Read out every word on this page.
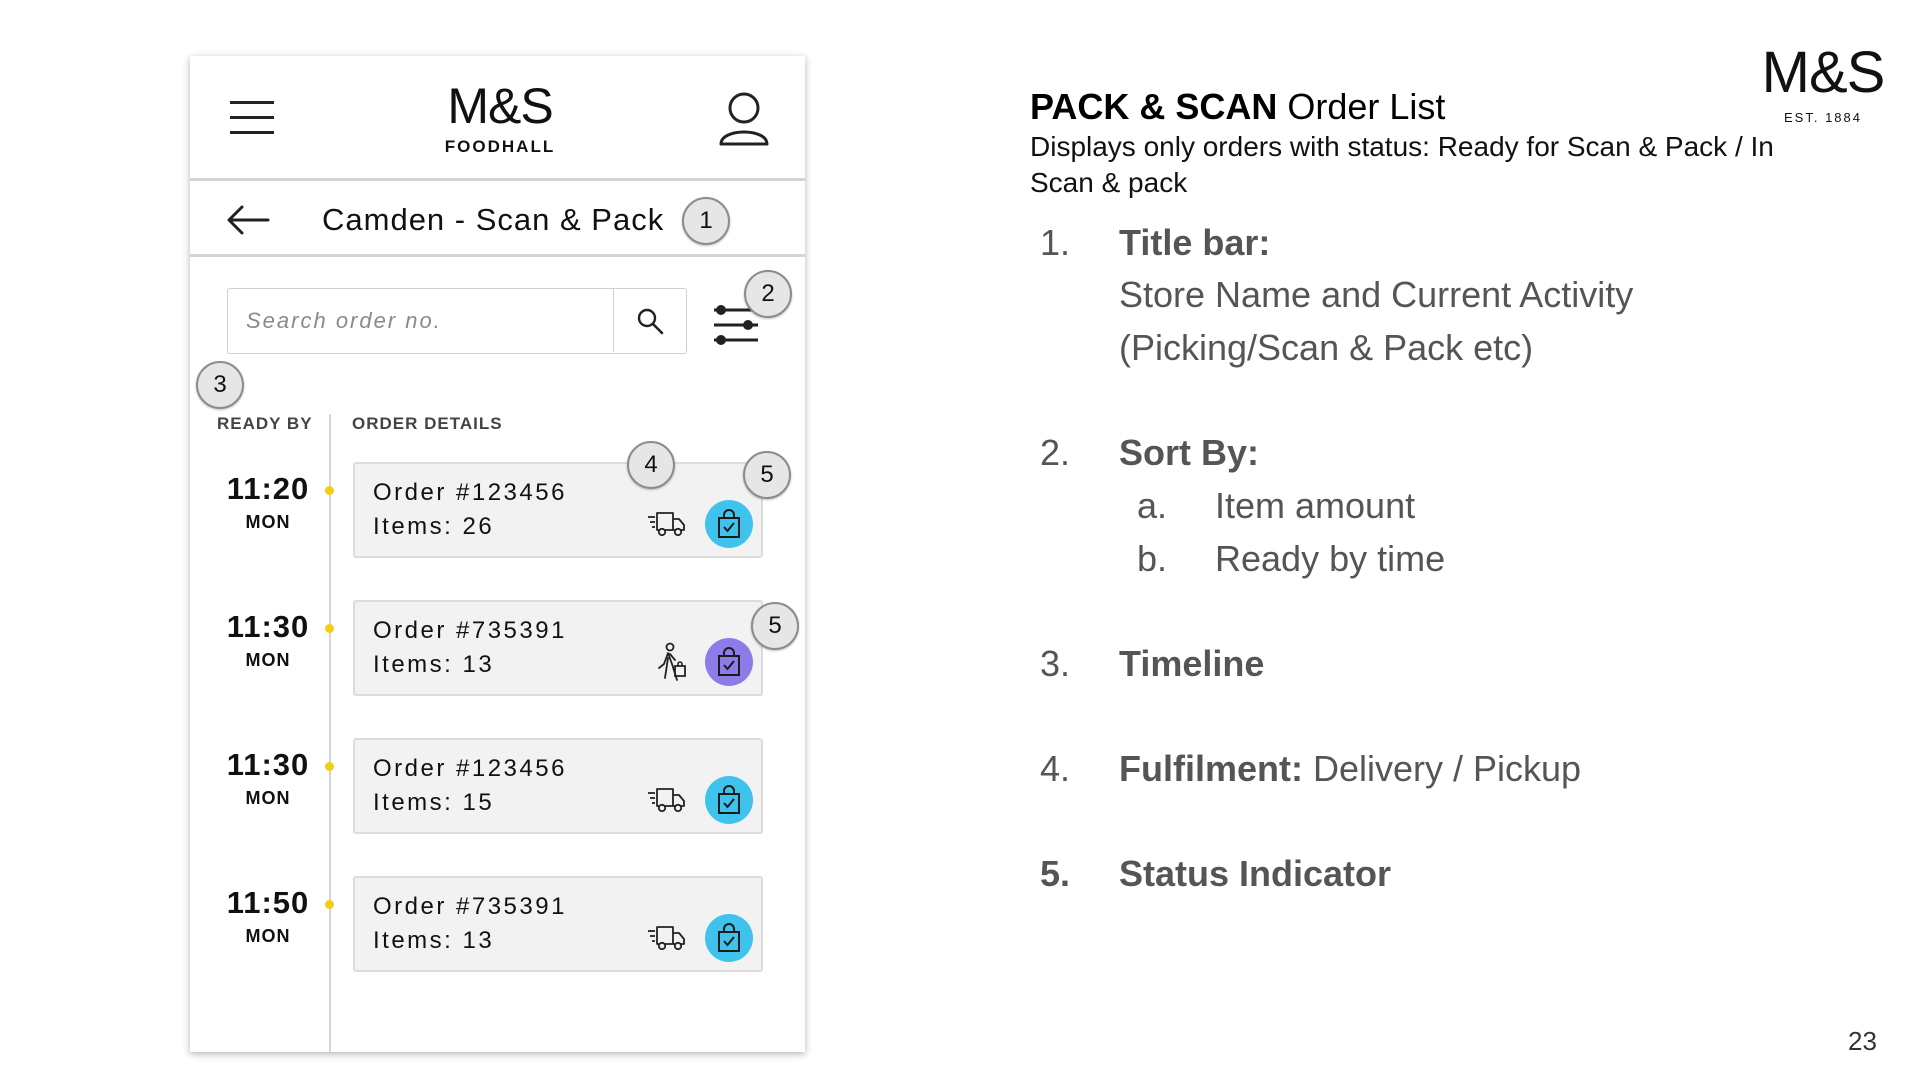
M&S
FOODHALL
Camden - Scan & Pack
Search order no.
READY BY ORDER DETAILS
11:20
MON
Order #123456
Items: 26
11:30
MON
Order #735391
Items: 13
11:30
MON
Order #123456
Items: 15
11:50
MON
Order #735391
Items: 13
1
2
3
4	5
5
PACK & SCAN Order List
Displays only orders with status: Ready for Scan & Pack / In Scan & pack
M&S
EST. 1884
1. Title bar:
Store Name and Current Activity
(Picking/Scan & Pack etc)
2. Sort By:
a. Item amount
b. Ready by time
3. Timeline
4. Fulfilment: Delivery / Pickup
5. Status Indicator
23
